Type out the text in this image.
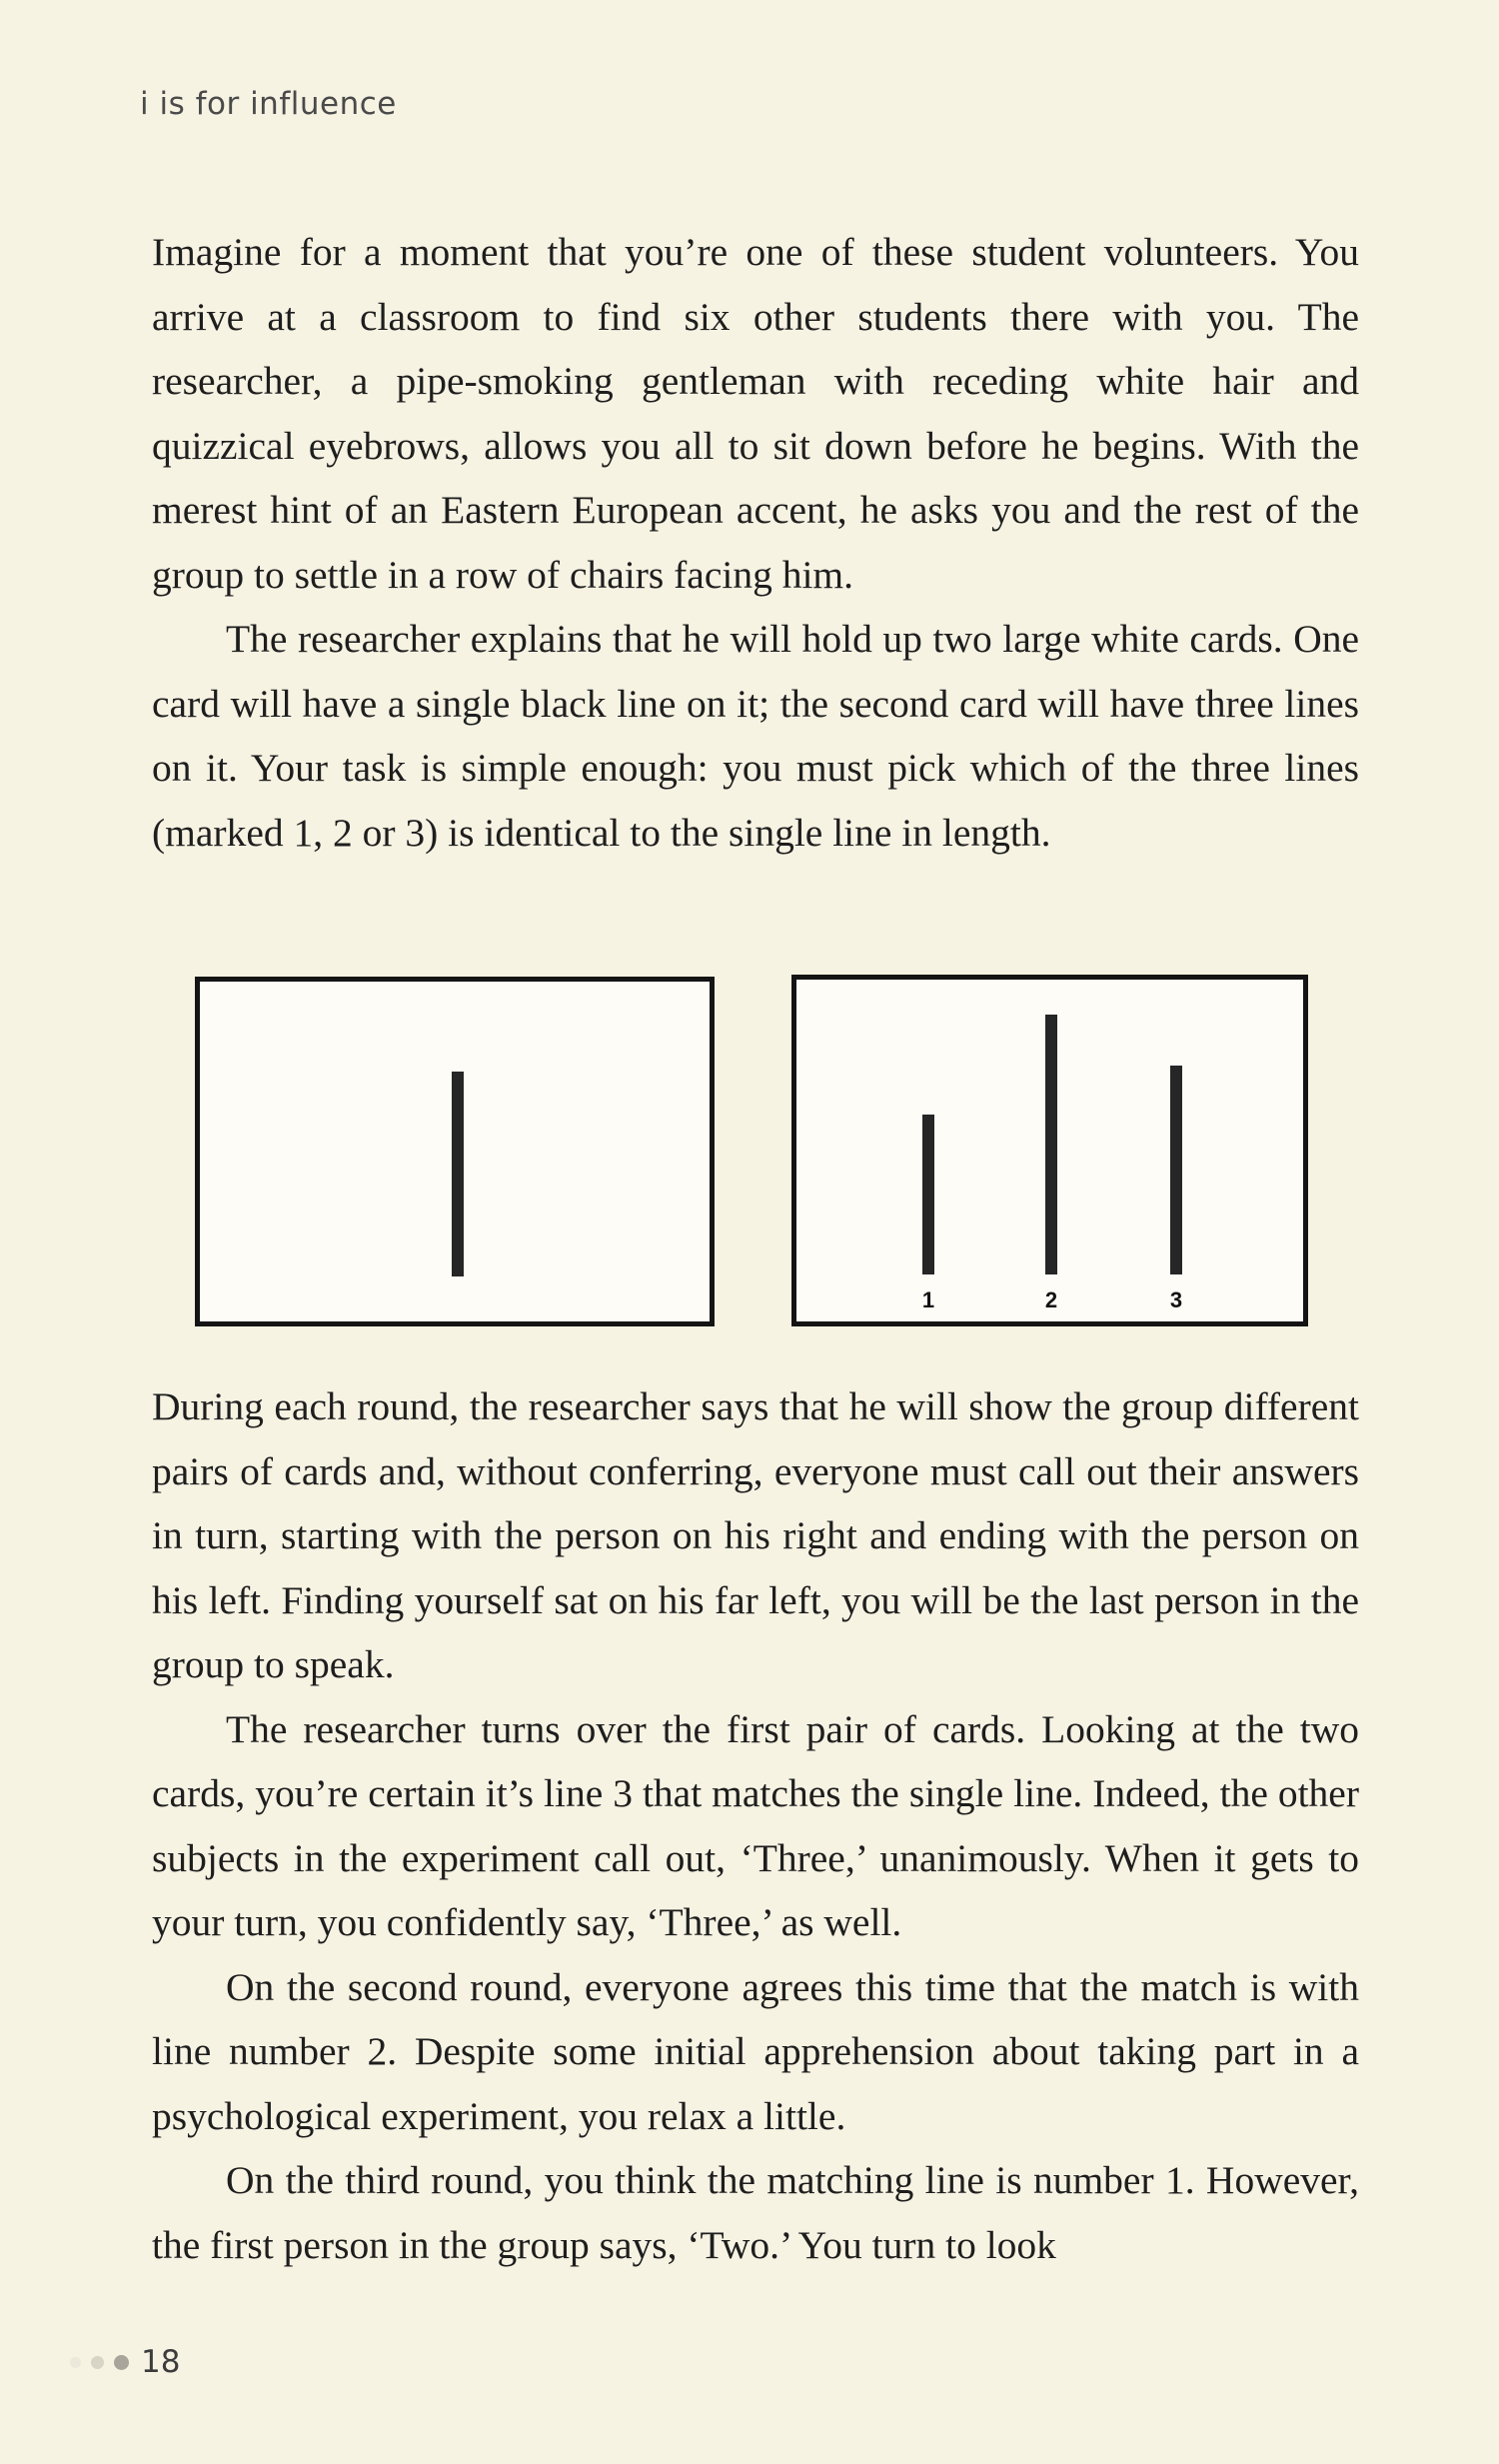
i is for influence

Imagine for a moment that you’re one of these student volunteers. You arrive at a classroom to find six other students there with you. The researcher, a pipe-smoking gentleman with receding white hair and quizzical eyebrows, allows you all to sit down before he begins. With the merest hint of an Eastern European accent, he asks you and the rest of the group to settle in a row of chairs facing him.

The researcher explains that he will hold up two large white cards. One card will have a single black line on it; the second card will have three lines on it. Your task is simple enough: you must pick which of the three lines (marked 1, 2 or 3) is identical to the single line in length.

1	2	3

During each round, the researcher says that he will show the group different pairs of cards and, without conferring, everyone must call out their answers in turn, starting with the person on his right and ending with the person on his left. Finding yourself sat on his far left, you will be the last person in the group to speak.

The researcher turns over the first pair of cards. Looking at the two cards, you’re certain it’s line 3 that matches the single line. Indeed, the other subjects in the experiment call out, ‘Three,’ unanimously. When it gets to your turn, you confidently say, ‘Three,’ as well.

On the second round, everyone agrees this time that the match is with line number 2. Despite some initial apprehension about taking part in a psychological experiment, you relax a little.

On the third round, you think the matching line is number 1. However, the first person in the group says, ‘Two.’ You turn to look

18
